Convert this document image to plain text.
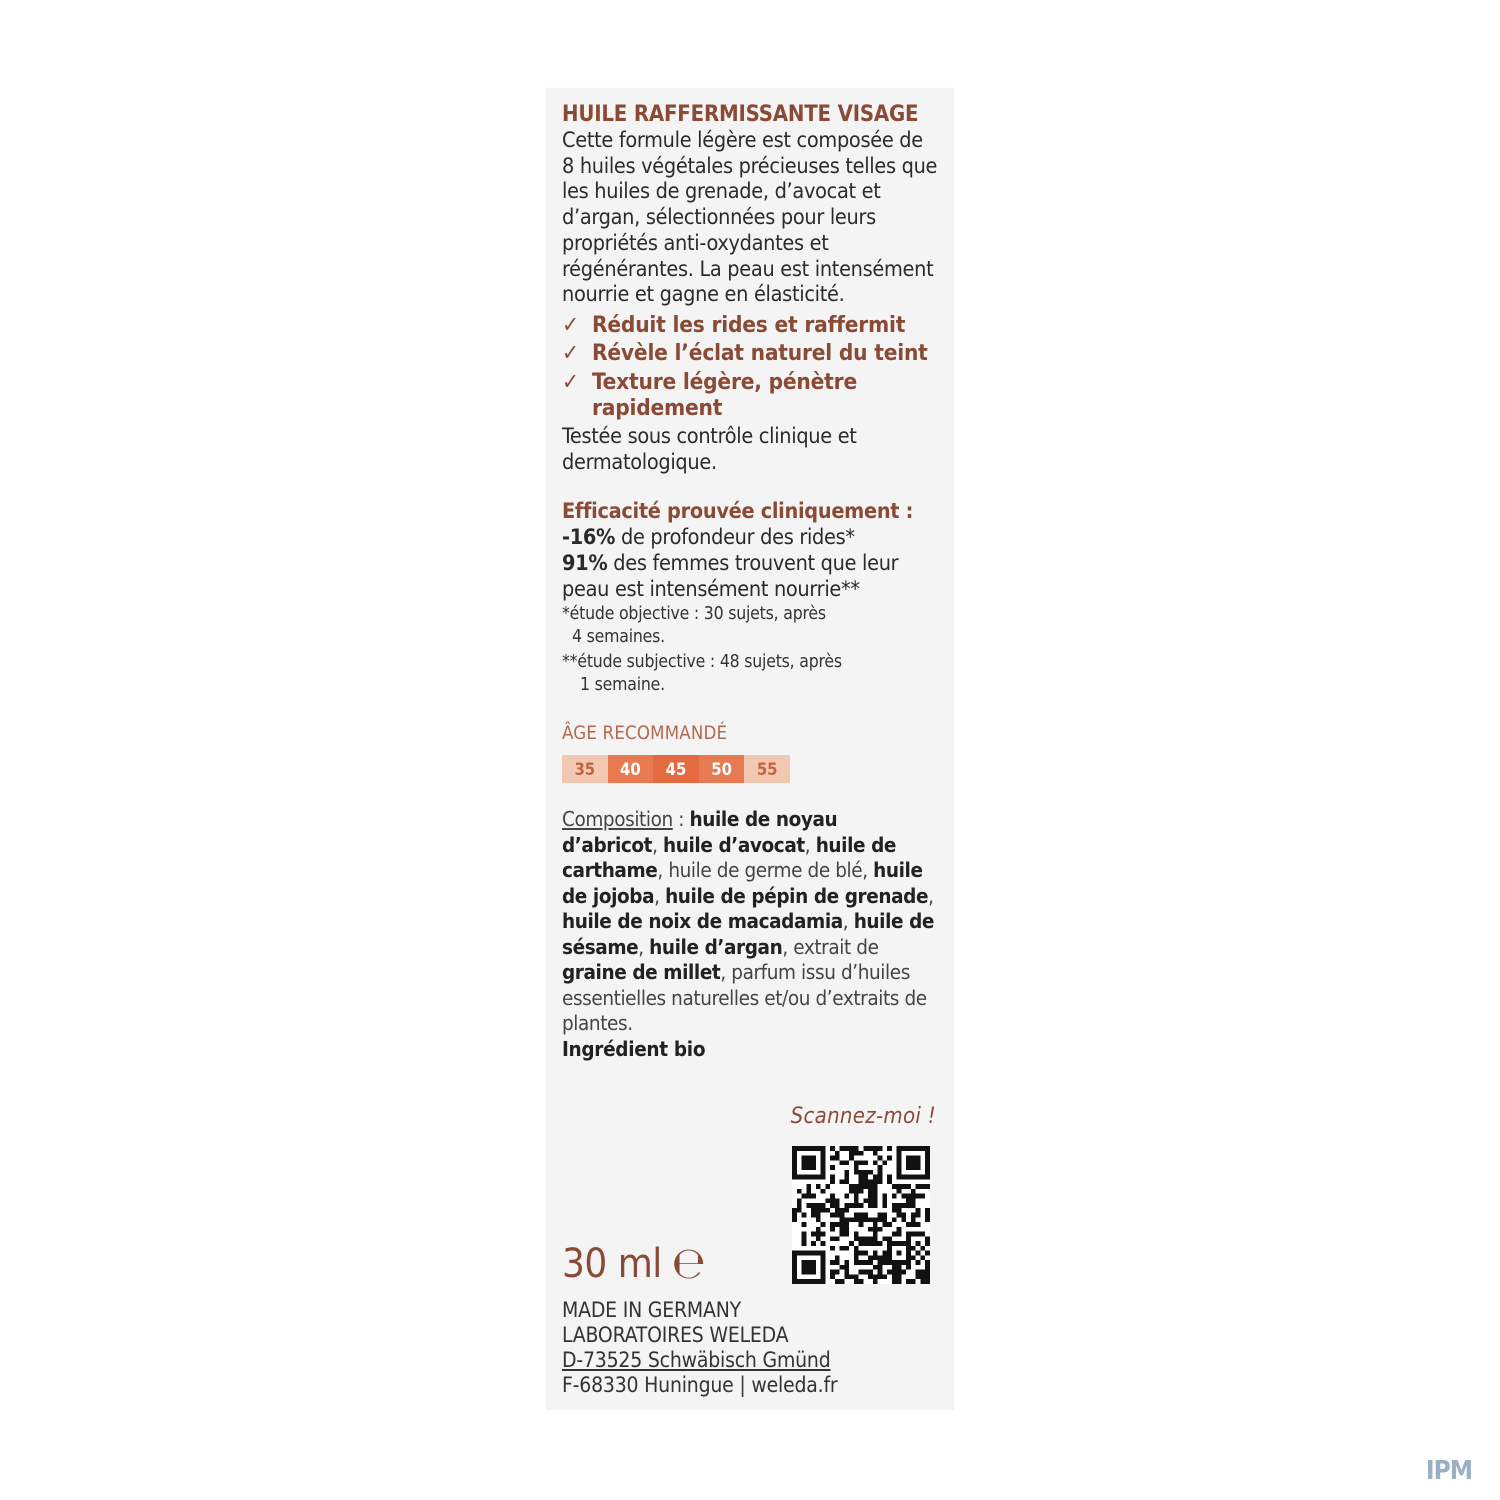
HUILE RAFFERMISSANTE VISAGE

Cette formule légère est composée de 8 huiles végétales précieuses telles que les huiles de grenade, d’avocat et d’argan, sélectionnées pour leurs propriétés anti-oxydantes et régénérantes. La peau est intensément nourrie et gagne en élasticité.

✓ Réduit les rides et raffermit
✓ Révèle l’éclat naturel du teint
✓ Texture légère, pénètre rapidement

Testée sous contrôle clinique et dermatologique.

Efficacité prouvée cliniquement :

-16% de profondeur des rides*

91% des femmes trouvent que leur peau est intensément nourrie**

*étude objective : 30 sujets, après
4 semaines.

**étude subjective : 48 sujets, après
1 semaine.

ÂGE RECOMMANDÉ

35	40	45	50	55

Composition : huile de noyau d’abricot, huile d’avocat, huile de carthame, huile de germe de blé, huile de jojoba, huile de pépin de grenade, huile de noix de macadamia, huile de sésame, huile d’argan, extrait de graine de millet, parfum issu d’huiles essentielles naturelles et/ou d’extraits de plantes.

Ingrédient bio

Scannez-moi !
30 ml ℮
MADE IN GERMANY
LABORATOIRES WELEDA
D-73525 Schwäbisch Gmünd
F-68330 Huningue | weleda.fr
IPM
